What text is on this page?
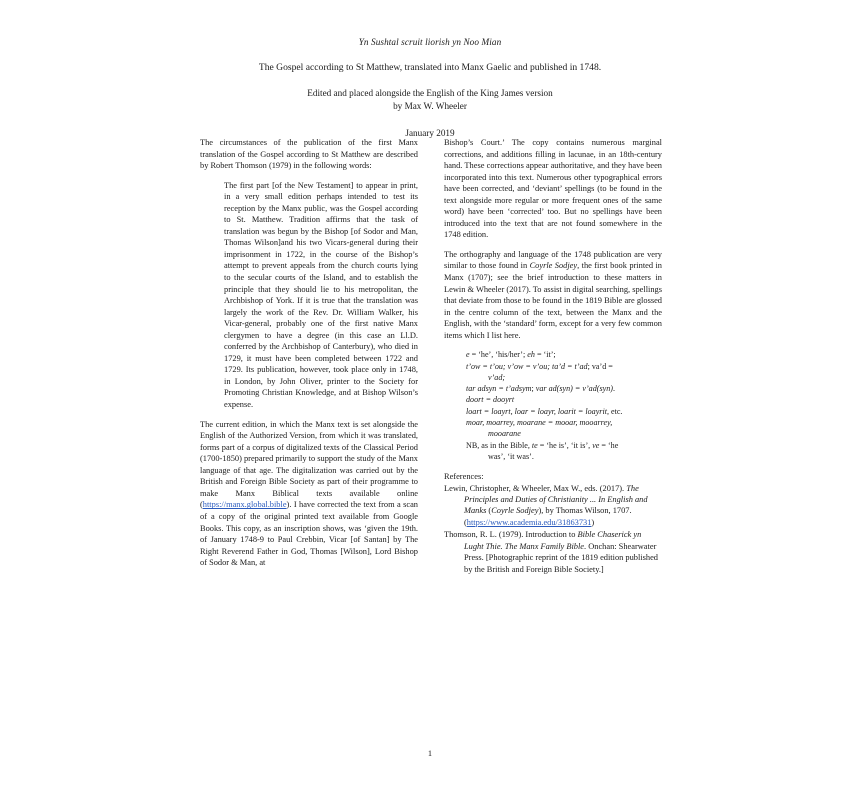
Yn Sushtal scruit liorish yn Noo Mian
The Gospel according to St Matthew, translated into Manx Gaelic and published in 1748.
Edited and placed alongside the English of the King James version
by Max W. Wheeler
January 2019

The circumstances of the publication of the first Manx translation of the Gospel according to St Matthew are described by Robert Thomson (1979) in the following words:

The first part [of the New Testament] to appear in print, in a very small edition perhaps intended to test its reception by the Manx public, was the Gospel according to St. Matthew. Tradition affirms that the task of translation was begun by the Bishop [of Sodor and Man, Thomas Wilson]and his two Vicars-general during their imprisonment in 1722, in the course of the Bishop’s attempt to prevent appeals from the church courts lying to the secular courts of the Island, and to establish the principle that they should lie to his metropolitan, the Archbishop of York. If it is true that the translation was largely the work of the Rev. Dr. William Walker, his Vicar-general, probably one of the first native Manx clergymen to have a degree (in this case an Ll.D. conferred by the Archbishop of Canterbury), who died in 1729, it must have been completed between 1722 and 1729. Its publication, however, took place only in 1748, in London, by John Oliver, printer to the Society for Promoting Christian Knowledge, and at Bishop Wilson’s expense.

The current edition, in which the Manx text is set alongside the English of the Authorized Version, from which it was translated, forms part of a corpus of digitalized texts of the Classical Period (1700-1850) prepared primarily to support the study of the Manx language of that age. The digitalization was carried out by the British and Foreign Bible Society as part of their programme to make Manx Biblical texts available online (https://manx.global.bible). I have corrected the text from a scan of a copy of the original printed text available from Google Books. This copy, as an inscription shows, was ‘given the 19th. of January 1748-9 to Paul Crebbin, Vicar [of Santan] by The Right Reverend Father in God, Thomas [Wilson], Lord Bishop of Sodor & Man, at

Bishop’s Court.’ The copy contains numerous marginal corrections, and additions filling in lacunae, in an 18th-century hand. These corrections appear authoritative, and they have been incorporated into this text. Numerous other typographical errors have been corrected, and ‘deviant’ spellings (to be found in the text alongside more regular or more frequent ones of the same word) have been ‘corrected’ too. But no spellings have been introduced into the text that are not found somewhere in the 1748 edition.

The orthography and language of the 1748 publication are very similar to those found in Coyrle Sodjey, the first book printed in Manx (1707); see the brief introduction to these matters in Lewin & Wheeler (2017). To assist in digital searching, spellings that deviate from those to be found in the 1819 Bible are glossed in the centre column of the text, between the Manx and the English, with the ‘standard’ form, except for a very few common items which I list here.

e = ‘he’, ‘his/her’; eh = ‘it’;
t’ow = t’ou; v’ow = v’ou; ta’d = t’ad; va’d =
v’ad;
tar adsyn = t’adsym; var ad(syn) = v’ad(syn).
doort = dooyrt
loart = loayrt, loar = loayr, loarit = loayrit, etc.
moar, moarrey, moarane = mooar, mooarrey,
mooarane
NB, as in the Bible, te = ‘he is’, ‘it is’, ve = ‘he
was’, ‘it was’.
References:
Lewin, Christopher, & Wheeler, Max W., eds. (2017). The Principles and Duties of Christianity ... In English and Manks (Coyrle Sodjey), by Thomas Wilson, 1707. (https://www.academia.edu/31863731)
Thomson, R. L. (1979). Introduction to Bible Chaserick yn Lught Thie. The Manx Family Bible. Onchan: Shearwater Press. [Photographic reprint of the 1819 edition published by the British and Foreign Bible Society.]
1
